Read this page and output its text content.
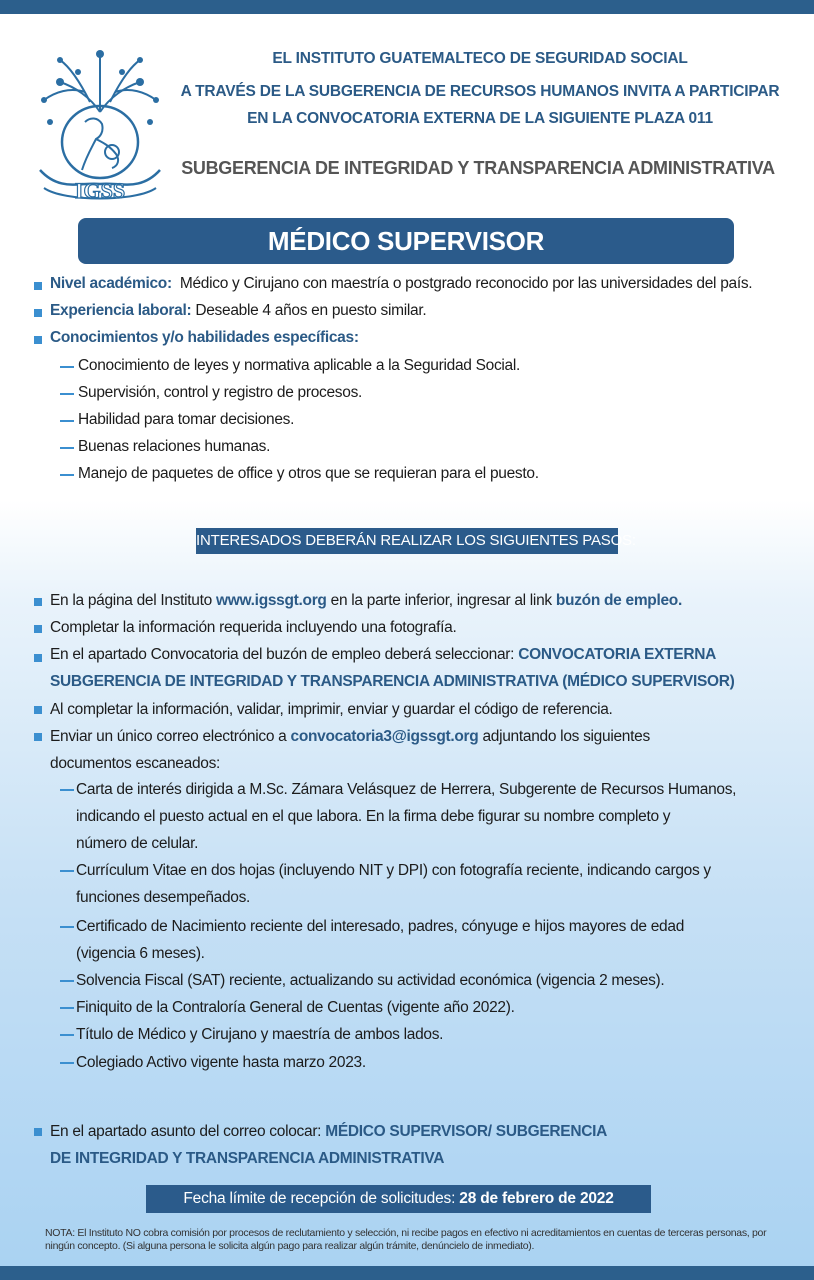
IGSS
EL INSTITUTO GUATEMALTECO DE SEGURIDAD SOCIAL
A TRAVÉS DE LA SUBGERENCIA DE RECURSOS HUMANOS INVITA A PARTICIPAR
EN LA CONVOCATORIA EXTERNA DE LA SIGUIENTE PLAZA 011
SUBGERENCIA DE INTEGRIDAD Y TRANSPARENCIA ADMINISTRATIVA
MÉDICO SUPERVISOR
Nivel académico: Médico y Cirujano con maestría o postgrado reconocido por las universidades del país.
Experiencia laboral: Deseable 4 años en puesto similar.
Conocimientos y/o habilidades específicas:
Conocimiento de leyes y normativa aplicable a la Seguridad Social.
Supervisión, control y registro de procesos.
Habilidad para tomar decisiones.
Buenas relaciones humanas.
Manejo de paquetes de office y otros que se requieran para el puesto.
INTERESADOS DEBERÁN REALIZAR LOS SIGUIENTES PASOS:
En la página del Instituto www.igssgt.org en la parte inferior, ingresar al link buzón de empleo.
Completar la información requerida incluyendo una fotografía.
En el apartado Convocatoria del buzón de empleo deberá seleccionar: CONVOCATORIA EXTERNA
SUBGERENCIA DE INTEGRIDAD Y TRANSPARENCIA ADMINISTRATIVA (MÉDICO SUPERVISOR)
Al completar la información, validar, imprimir, enviar y guardar el código de referencia.
Enviar un único correo electrónico a convocatoria3@igssgt.org adjuntando los siguientes
documentos escaneados:
Carta de interés dirigida a M.Sc. Zámara Velásquez de Herrera, Subgerente de Recursos Humanos,
indicando el puesto actual en el que labora. En la firma debe figurar su nombre completo y
número de celular.
Currículum Vitae en dos hojas (incluyendo NIT y DPI) con fotografía reciente, indicando cargos y
funciones desempeñados.
Certificado de Nacimiento reciente del interesado, padres, cónyuge e hijos mayores de edad
(vigencia 6 meses).
Solvencia Fiscal (SAT) reciente, actualizando su actividad económica (vigencia 2 meses).
Finiquito de la Contraloría General de Cuentas (vigente año 2022).
Título de Médico y Cirujano y maestría de ambos lados.
Colegiado Activo vigente hasta marzo 2023.
En el apartado asunto del correo colocar: MÉDICO SUPERVISOR/ SUBGERENCIA
DE INTEGRIDAD Y TRANSPARENCIA ADMINISTRATIVA
Fecha límite de recepción de solicitudes: 28 de febrero de 2022
NOTA: El Instituto NO cobra comisión por procesos de reclutamiento y selección, ni recibe pagos en efectivo ni acreditamientos en cuentas de terceras personas, por ningún concepto. (Si alguna persona le solicita algún pago para realizar algún trámite, denúncielo de inmediato).
